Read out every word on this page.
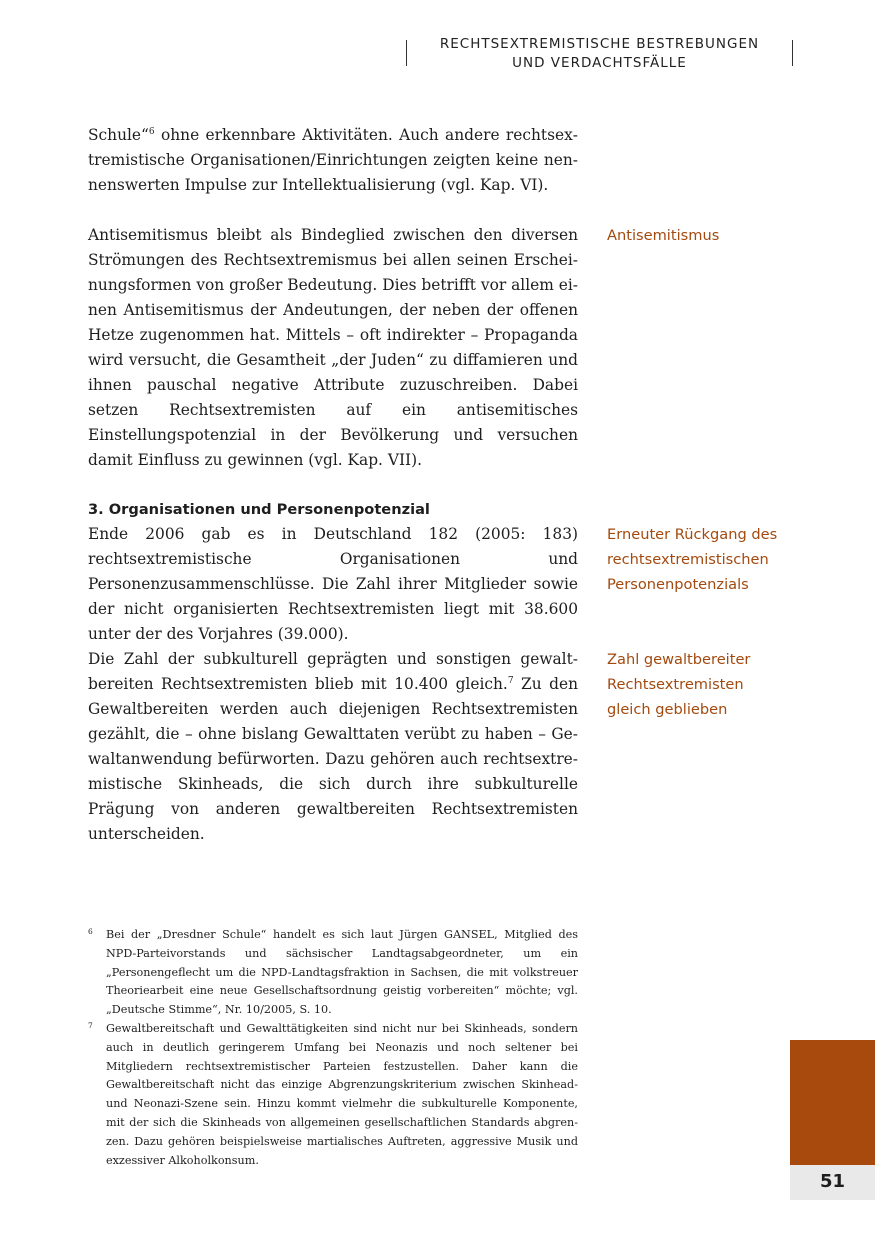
RECHTSEXTREMISTISCHE BESTREBUNGEN
UND VERDACHTSFÄLLE

Schule“$^6$ ohne erkennbare Aktivitäten. Auch andere rechtsextremistische Organisationen/Einrichtungen zeigten keine nennenswerten Impulse zur Intellektualisierung (vgl. Kap. VI).

Antisemitismus bleibt als Bindeglied zwischen den diversen Strömungen des Rechtsextremismus bei allen seinen Erscheinungsformen von großer Bedeutung. Dies betrifft vor allem einen Antisemitismus der Andeutungen, der neben der offenen Hetze zugenommen hat. Mittels – oft indirekter – Propaganda wird versucht, die Gesamtheit „der Juden“ zu diffamieren und ihnen pauschal negative Attribute zuzuschreiben. Dabei setzen Rechtsextremisten auf ein antisemitisches Einstellungspotenzial in der Bevölkerung und versuchen damit Einfluss zu gewinnen (vgl. Kap. VII).

Antisemitismus
3. Organisationen und Personenpotenzial

Ende 2006 gab es in Deutschland 182 (2005: 183) rechtsextremistische Organisationen und Personenzusammenschlüsse. Die Zahl ihrer Mitglieder sowie der nicht organisierten Rechtsextremisten liegt mit 38.600 unter der des Vorjahres (39.000).

Erneuter Rückgang des
rechtsextremistischen
Personenpotenzials

Die Zahl der subkulturell geprägten und sonstigen gewaltbereiten Rechtsextremisten blieb mit 10.400 gleich.$^7$ Zu den Gewaltbereiten werden auch diejenigen Rechtsextremisten gezählt, die – ohne bislang Gewalttaten verübt zu haben – Gewaltanwendung befürworten. Dazu gehören auch rechtsextremistische Skinheads, die sich durch ihre subkulturelle Prägung von anderen gewaltbereiten Rechtsextremisten unterscheiden.

Zahl gewaltbereiter
Rechtsextremisten
gleich geblieben

6 Bei der „Dresdner Schule“ handelt es sich laut Jürgen GANSEL, Mitglied des NPD-Parteivorstands und sächsischer Landtagsabgeordneter, um ein „Personengeflecht um die NPD-Landtagsfraktion in Sachsen, die mit volkstreuer Theoriearbeit eine neue Gesellschaftsordnung geistig vorbereiten“ möchte; vgl. „Deutsche Stimme“, Nr. 10/2005, S. 10.

7 Gewaltbereitschaft und Gewalttätigkeiten sind nicht nur bei Skinheads, sondern auch in deutlich geringerem Umfang bei Neonazis und noch seltener bei Mitgliedern rechtsextremistischer Parteien festzustellen. Daher kann die Gewaltbereitschaft nicht das einzige Abgrenzungskriterium zwischen Skinhead- und Neonazi-Szene sein. Hinzu kommt vielmehr die subkulturelle Komponente, mit der sich die Skinheads von allgemeinen gesellschaftlichen Standards abgrenzen. Dazu gehören beispielsweise martialisches Auftreten, aggressive Musik und exzessiver Alkoholkonsum.

51
